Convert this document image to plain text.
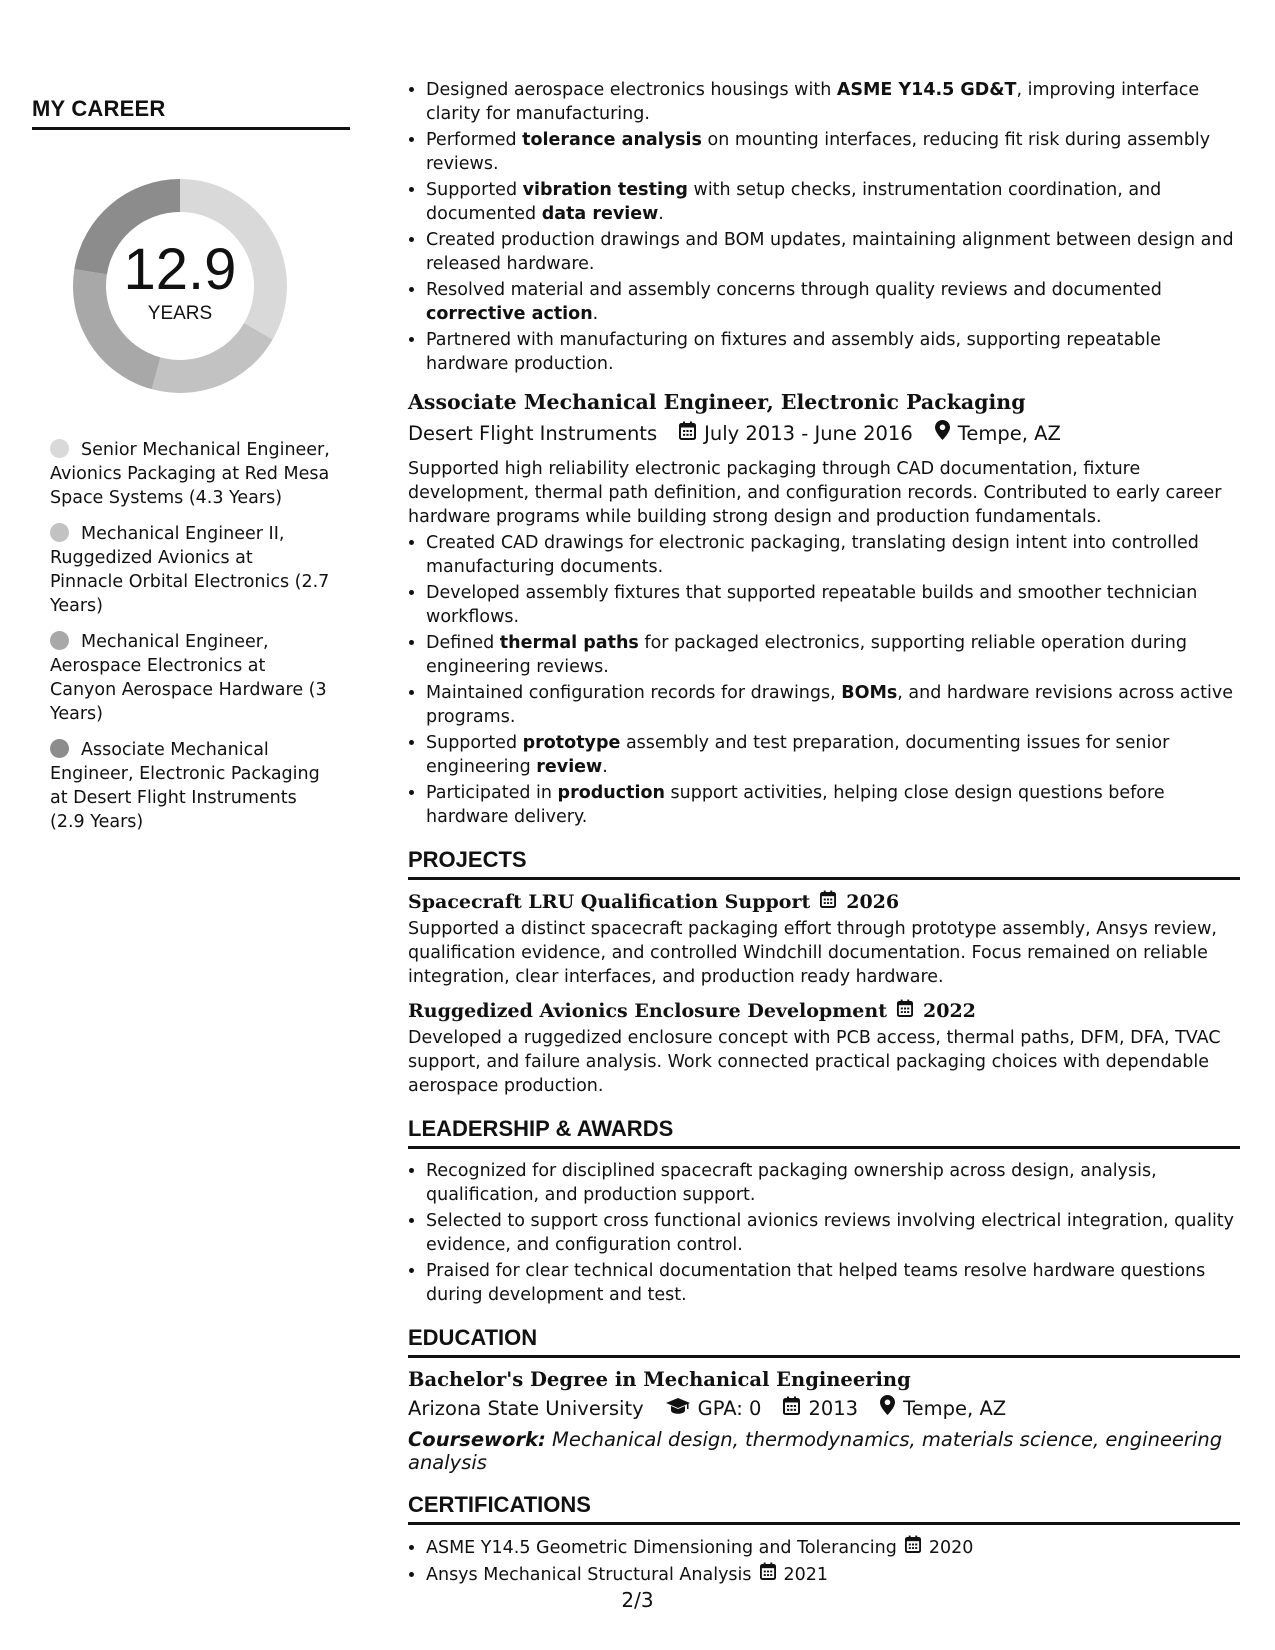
MY CAREER
12.9
YEARS
Senior Mechanical Engineer, Avionics Packaging at Red Mesa Space Systems (4.3 Years)
Mechanical Engineer II, Ruggedized Avionics at Pinnacle Orbital Electronics (2.7 Years)
Mechanical Engineer, Aerospace Electronics at Canyon Aerospace Hardware (3 Years)
Associate Mechanical Engineer, Electronic Packaging at Desert Flight Instruments (2.9 Years)
• Designed aerospace electronics housings with ASME Y14.5 GD&T, improving interface clarity for manufacturing.
• Performed tolerance analysis on mounting interfaces, reducing fit risk during assembly reviews.
• Supported vibration testing with setup checks, instrumentation coordination, and documented data review.
• Created production drawings and BOM updates, maintaining alignment between design and released hardware.
• Resolved material and assembly concerns through quality reviews and documented corrective action.
• Partnered with manufacturing on fixtures and assembly aids, supporting repeatable hardware production.
Associate Mechanical Engineer, Electronic Packaging
Desert Flight Instruments July 2013 - June 2016 Tempe, AZ
Supported high reliability electronic packaging through CAD documentation, fixture development, thermal path definition, and configuration records. Contributed to early career hardware programs while building strong design and production fundamentals.
• Created CAD drawings for electronic packaging, translating design intent into controlled manufacturing documents.
• Developed assembly fixtures that supported repeatable builds and smoother technician workflows.
• Defined thermal paths for packaged electronics, supporting reliable operation during engineering reviews.
• Maintained configuration records for drawings, BOMs, and hardware revisions across active programs.
• Supported prototype assembly and test preparation, documenting issues for senior engineering review.
• Participated in production support activities, helping close design questions before hardware delivery.
PROJECTS
Spacecraft LRU Qualification Support 2026
Supported a distinct spacecraft packaging effort through prototype assembly, Ansys review, qualification evidence, and controlled Windchill documentation. Focus remained on reliable integration, clear interfaces, and production ready hardware.
Ruggedized Avionics Enclosure Development 2022
Developed a ruggedized enclosure concept with PCB access, thermal paths, DFM, DFA, TVAC support, and failure analysis. Work connected practical packaging choices with dependable aerospace production.
LEADERSHIP & AWARDS
• Recognized for disciplined spacecraft packaging ownership across design, analysis, qualification, and production support.
• Selected to support cross functional avionics reviews involving electrical integration, quality evidence, and configuration control.
• Praised for clear technical documentation that helped teams resolve hardware questions during development and test.
EDUCATION
Bachelor's Degree in Mechanical Engineering
Arizona State University	GPA: 0 2013 Tempe, AZ
Coursework: Mechanical design, thermodynamics, materials science, engineering analysis
CERTIFICATIONS
• ASME Y14.5 Geometric Dimensioning and Tolerancing 2020
• Ansys Mechanical Structural Analysis 2021
2/3
